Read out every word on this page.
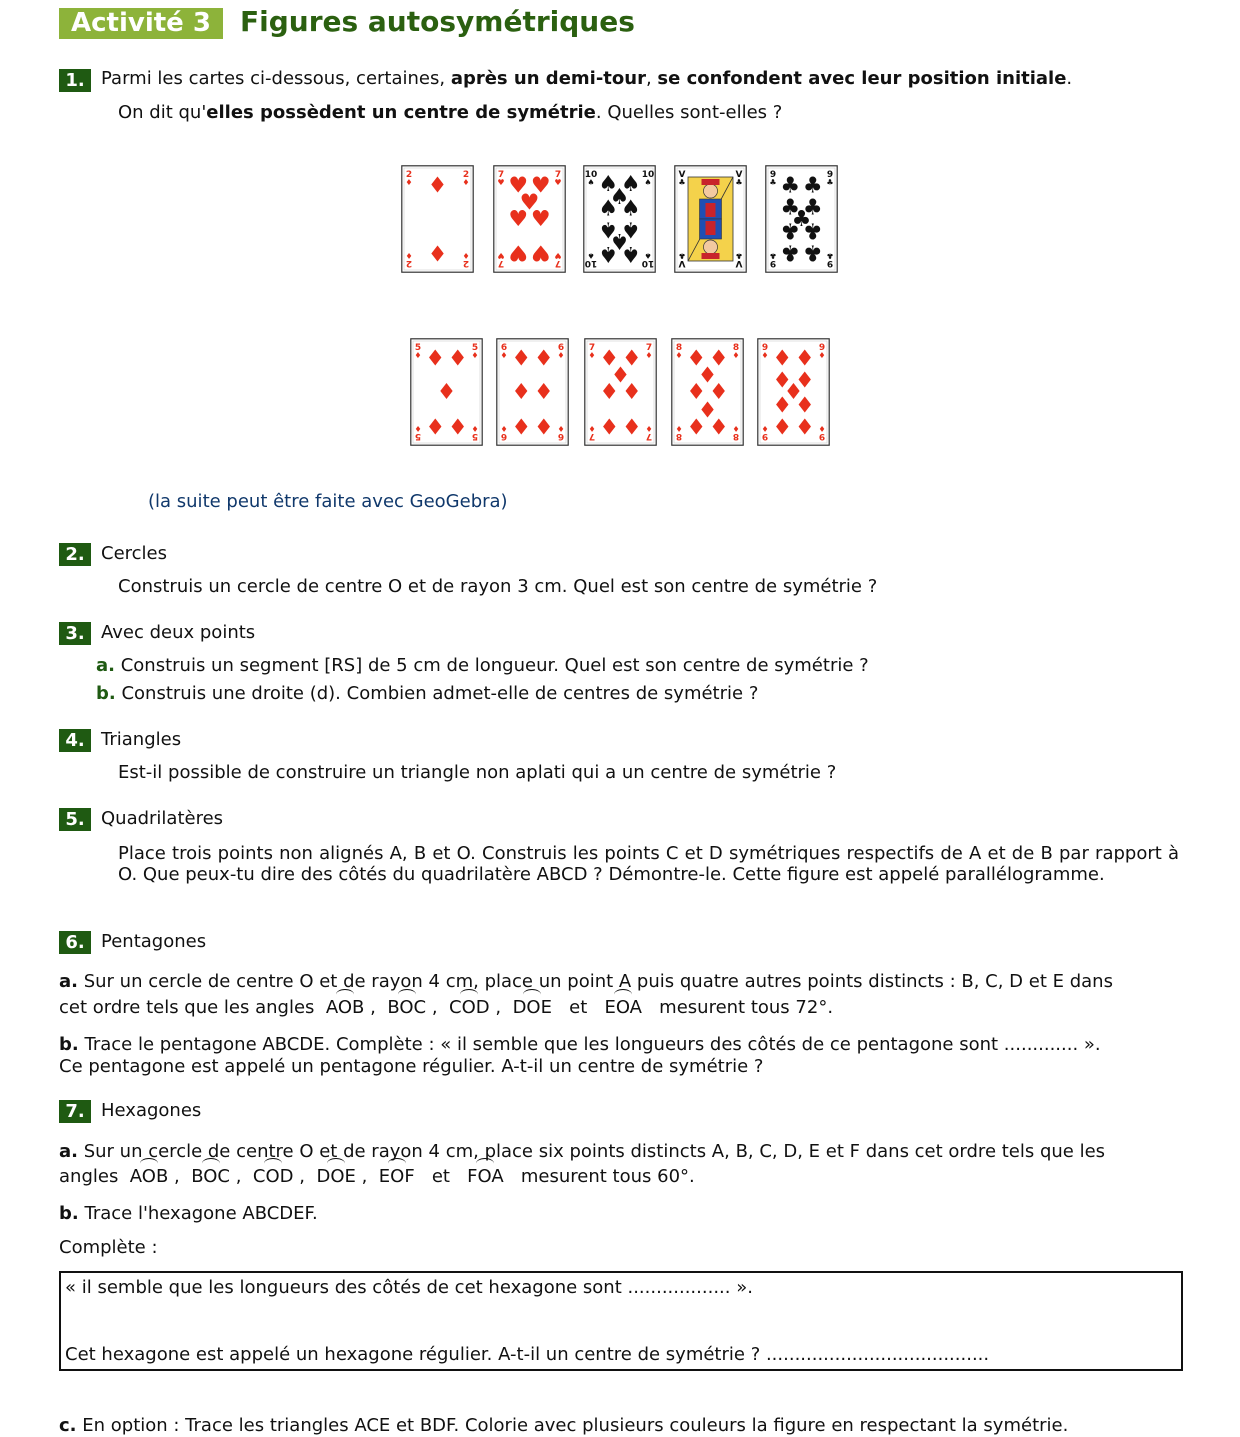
Activité 3	Figures autosymétriques
1. Parmi les cartes ci-dessous, certaines, après un demi-tour, se confondent avec leur position initiale.
On dit qu'elles possèdent un centre de symétrie. Quelles sont-elles ?
2
♦
2
♦
2
♦
2
♦
♦
♦
7
♥
7
♥
7
♥
7
♥
♥ ♥
♥
♥ ♥
♥ ♥
10
♠
10
♠
10
♠
10
♠
♠ ♠
♠
♠ ♠
♠ ♠
♠
♠ ♠
V
♣
V
♣
V
♣
V
♣
9
♣
9
♣
9
♣
9
♣
♣ ♣
♣ ♣
♣
♣ ♣
♣ ♣
5
♦
5
♦
5
♦
5
♦
♦ ♦
♦
♦ ♦
6
♦
6
♦
6
♦
6
♦
♦ ♦
♦ ♦
♦ ♦
7
♦
7
♦
7
♦
7
♦
♦ ♦
♦
♦ ♦
♦ ♦
8
♦
8
♦
8
♦
8
♦
♦ ♦
♦
♦ ♦
♦
♦ ♦
9
♦
9
♦
9
♦
9
♦
♦ ♦
♦ ♦
♦
♦ ♦
♦ ♦
(la suite peut être faite avec GeoGebra)
2. Cercles
Construis un cercle de centre O et de rayon 3 cm. Quel est son centre de symétrie ?
3. Avec deux points
a. Construis un segment [RS] de 5 cm de longueur. Quel est son centre de symétrie ?
b. Construis une droite (d). Combien admet-elle de centres de symétrie ?
4. Triangles
Est-il possible de construire un triangle non aplati qui a un centre de symétrie ?
5. Quadrilatères
Place trois points non alignés A, B et O. Construis les points C et D symétriques respectifs de A et de B par rapport à O. Que peux-tu dire des côtés du quadrilatère ABCD ? Démontre-le. Cette figure est appelé parallélogramme.
6. Pentagones
a. Sur un cercle de centre O et de rayon 4 cm, place un point A puis quatre autres points distincts : B, C, D et E dans
cet ordre tels que les angles AOB , BOC , COD , DOE et EOA mesurent tous 72°.
b. Trace le pentagone ABCDE. Complète : « il semble que les longueurs des côtés de ce pentagone sont ............. ».
Ce pentagone est appelé un pentagone régulier. A-t-il un centre de symétrie ?
7. Hexagones
a. Sur un cercle de centre O et de rayon 4 cm, place six points distincts A, B, C, D, E et F dans cet ordre tels que les
angles AOB , BOC , COD , DOE , EOF et FOA mesurent tous 60°.
b. Trace l'hexagone ABCDEF.
Complète :
« il semble que les longueurs des côtés de cet hexagone sont .................. ».
Cet hexagone est appelé un hexagone régulier. A-t-il un centre de symétrie ? .......................................
c. En option : Trace les triangles ACE et BDF. Colorie avec plusieurs couleurs la figure en respectant la symétrie.
